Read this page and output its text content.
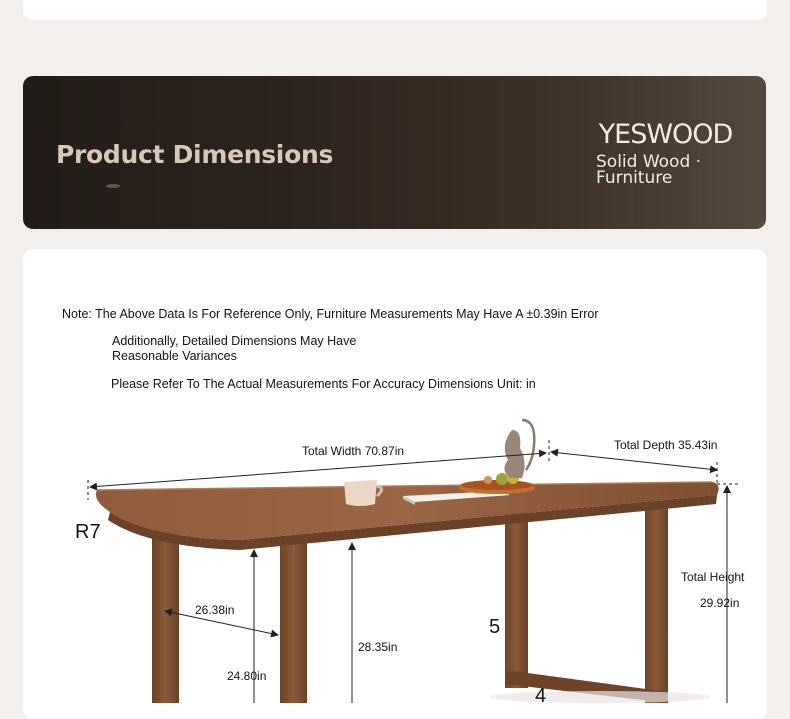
Product Dimensions
YESWOOD
Solid Wood ·
Furniture
Note: The Above Data Is For Reference Only, Furniture Measurements May Have A ±0.39in Error
Additionally, Detailed Dimensions May Have
Reasonable Variances
Please Refer To The Actual Measurements For Accuracy Dimensions Unit: in
Total Width 70.87in	Total Depth 35.43in
R7
Total Height
29.92in
26.38in
28.35in
24.80in
5
4
